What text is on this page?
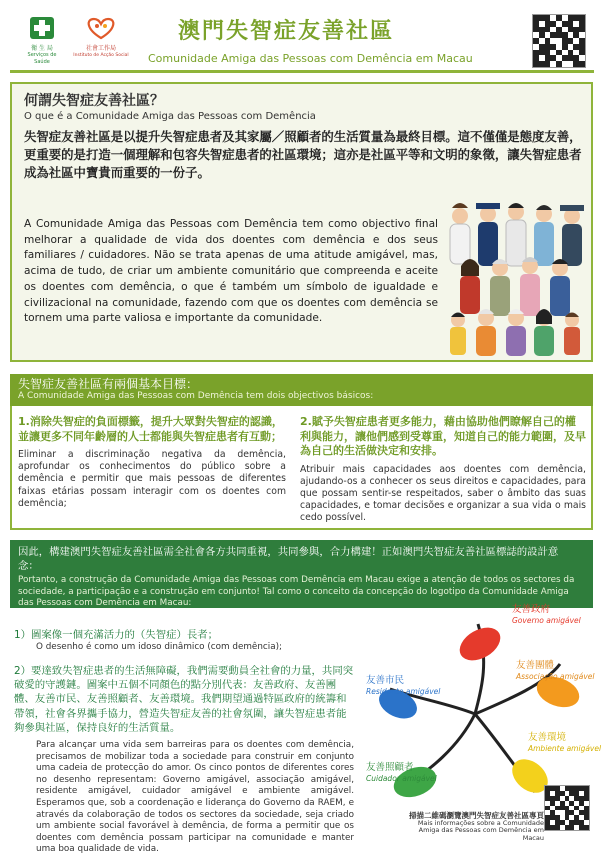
衛 生 局
Serviços de Saúde
社會工作局
Instituto de Acção Social
澳門失智症友善社區
Comunidade Amiga das Pessoas com Demência em Macau
何謂失智症友善社區？
O que é a Comunidade Amiga das Pessoas com Demência
失智症友善社區是以提升失智症患者及其家屬／照顧者的生活質量為最終目標。這不僅僅是態度友善，更重要的是打造一個理解和包容失智症患者的社區環境；這亦是社區平等和文明的象徵，讓失智症患者成為社區中寶貴而重要的一份子。
A Comunidade Amiga das Pessoas com Demência tem como objectivo final melhorar a qualidade de vida dos doentes com demência e dos seus familiares / cuidadores. Não se trata apenas de uma atitude amigável, mas, acima de tudo, de criar um ambiente comunitário que compreenda e aceite os doentes com demência, o que é também um símbolo de igualdade e civilizacional na comunidade, fazendo com que os doentes com demência se tornem uma parte valiosa e importante da comunidade.
失智症友善社區有兩個基本目標：
A Comunidade Amiga das Pessoas com Demência tem dois objectivos básicos:
1.消除失智症的負面標籤，提升大眾對失智症的認識，並讓更多不同年齡層的人士都能與失智症患者有互動；
Eliminar a discriminação negativa da demência, aprofundar os conhecimentos do público sobre a demência e permitir que mais pessoas de diferentes faixas etárias possam interagir com os doentes com demência;
2.賦予失智症患者更多能力，藉由協助他們瞭解自己的權利與能力，讓他們感到受尊重，知道自己的能力範圍，及早為自己的生活做決定和安排。
Atribuir mais capacidades aos doentes com demência, ajudando-os a conhecer os seus direitos e capacidades, para que possam sentir-se respeitados, saber o âmbito das suas capacidades, e tomar decisões e organizar a sua vida o mais cedo possível.
因此，構建澳門失智症友善社區需全社會各方共同重視，共同參與，合力構建！正如澳門失智症友善社區標誌的設計意念：
Portanto, a construção da Comunidade Amiga das Pessoas com Demência em Macau exige a atenção de todos os sectores da sociedade, a participação e a construção em conjunto! Tal como o conceito da concepção do logotipo da Comunidade Amiga das Pessoas com Demência em Macau:
1）圖案像一個充滿活力的（失智症）長者；
O desenho é como um idoso dinâmico (com demência);
2）要達致失智症患者的生活無障礙，我們需要動員全社會的力量，共同突破愛的守護鏈。圖案中五個不同顏色的點分別代表：友善政府、友善團體、友善市民、友善照顧者、友善環境。我們期望通過特區政府的統籌和帶領，社會各界攜手協力，營造失智症友善的社會氛圍，讓失智症患者能夠參與社區，保持良好的生活質量。
Para alcançar uma vida sem barreiras para os doentes com demência, precisamos de mobilizar toda a sociedade para construir em conjunto uma cadeia de protecção do amor. Os cinco pontos de diferentes cores no desenho representam: Governo amigável, associação amigável, residente amigável, cuidador amigável e ambiente amigável. Esperamos que, sob a coordenação e liderança do Governo da RAEM, e através da colaboração de todos os sectores da sociedade, seja criado um ambiente social favorável à demência, de forma a permitir que os doentes com demência possam participar na comunidade e manter uma boa qualidade de vida.
友善政府
Governo amigável
友善團體
Associação amigável
友善市民
Residente amigável
友善環境
Ambiente amigável
友善照顧者
Cuidador amigável
掃描二維碼瀏覽澳門失智症友善社區專頁
Mais informações sobre a Comunidade Amiga das Pessoas com Demência em Macau
